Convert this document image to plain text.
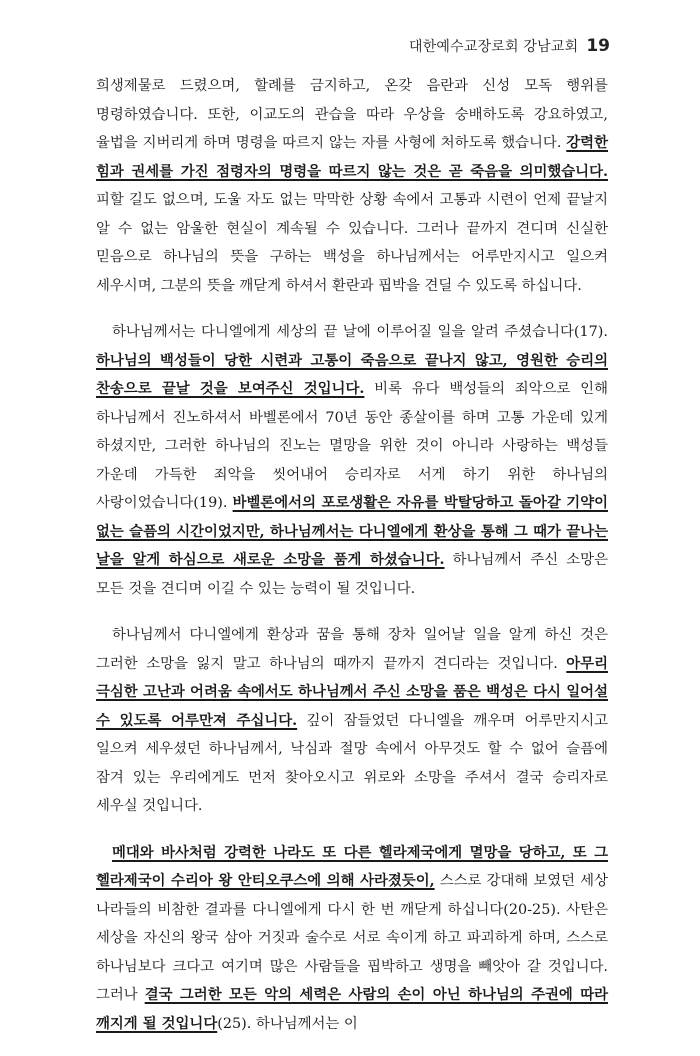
대한예수교장로회 강남교회 19

희생제물로 드렸으며, 할례를 금지하고, 온갖 음란과 신성 모독 행위를 명령하였습니다. 또한, 이교도의 관습을 따라 우상을 숭배하도록 강요하였고, 율법을 지버리게 하며 명령을 따르지 않는 자를 사형에 처하도록 했습니다. 강력한 힘과 권세를 가진 점령자의 명령을 따르지 않는 것은 곧 죽음을 의미했습니다. 피할 길도 없으며, 도울 자도 없는 막막한 상황 속에서 고통과 시련이 언제 끝날지 알 수 없는 암울한 현실이 계속될 수 있습니다. 그러나 끝까지 견디며 신실한 믿음으로 하나님의 뜻을 구하는 백성을 하나님께서는 어루만지시고 일으켜 세우시며, 그분의 뜻을 깨닫게 하셔서 환란과 핍박을 견딜 수 있도록 하십니다.

하나님께서는 다니엘에게 세상의 끝 날에 이루어질 일을 알려 주셨습니다(17). 하나님의 백성들이 당한 시련과 고통이 죽음으로 끝나지 않고, 영원한 승리의 찬송으로 끝날 것을 보여주신 것입니다. 비록 유다 백성들의 죄악으로 인해 하나님께서 진노하셔서 바벨론에서 70년 동안 종살이를 하며 고통 가운데 있게 하셨지만, 그러한 하나님의 진노는 멸망을 위한 것이 아니라 사랑하는 백성들 가운데 가득한 죄악을 씻어내어 승리자로 서게 하기 위한 하나님의 사랑이었습니다(19). 바벨론에서의 포로생활은 자유를 박탈당하고 돌아갈 기약이 없는 슬픔의 시간이었지만, 하나님께서는 다니엘에게 환상을 통해 그 때가 끝나는 날을 알게 하심으로 새로운 소망을 품게 하셨습니다. 하나님께서 주신 소망은 모든 것을 견디며 이길 수 있는 능력이 될 것입니다.

하나님께서 다니엘에게 환상과 꿈을 통해 장차 일어날 일을 알게 하신 것은 그러한 소망을 잃지 말고 하나님의 때까지 끝까지 견디라는 것입니다. 아무리 극심한 고난과 어려움 속에서도 하나님께서 주신 소망을 품은 백성은 다시 일어설 수 있도록 어루만져 주십니다. 깊이 잠들었던 다니엘을 깨우며 어루만지시고 일으켜 세우셨던 하나님께서, 낙심과 절망 속에서 아무것도 할 수 없어 슬픔에 잠겨 있는 우리에게도 먼저 찾아오시고 위로와 소망을 주셔서 결국 승리자로 세우실 것입니다.

메대와 바사처럼 강력한 나라도 또 다른 헬라제국에게 멸망을 당하고, 또 그 헬라제국이 수리아 왕 안티오쿠스에 의해 사라졌듯이, 스스로 강대해 보였던 세상 나라들의 비참한 결과를 다니엘에게 다시 한 번 깨닫게 하십니다(20-25). 사탄은 세상을 자신의 왕국 삼아 거짓과 술수로 서로 속이게 하고 파괴하게 하며, 스스로 하나님보다 크다고 여기며 많은 사람들을 핍박하고 생명을 빼앗아 갈 것입니다. 그러나 결국 그러한 모든 악의 세력은 사람의 손이 아닌 하나님의 주권에 따라 깨지게 될 것입니다(25). 하나님께서는 이
